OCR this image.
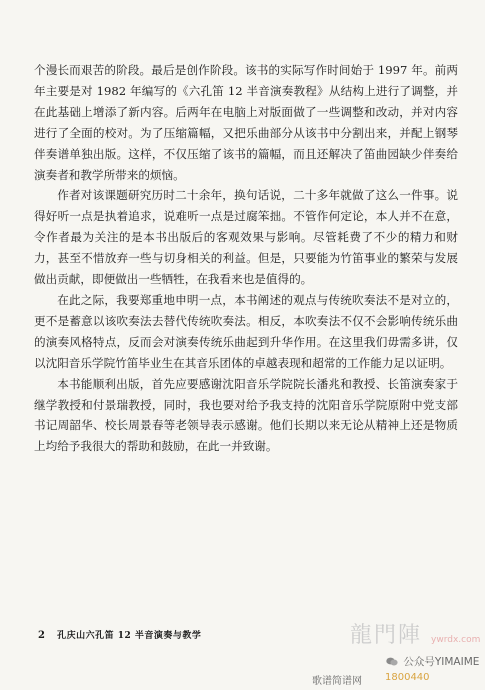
个漫长而艰苦的阶段。最后是创作阶段。该书的实际写作时间始于 1997 年。前两年主要是对 1982 年编写的《六孔笛 12 半音演奏教程》从结构上进行了调整，并在此基础上增添了新内容。后两年在电脑上对版面做了一些调整和改动，并对内容进行了全面的校对。为了压缩篇幅，又把乐曲部分从该书中分割出来，并配上钢琴伴奏谱单独出版。这样，不仅压缩了该书的篇幅，而且还解决了笛曲园缺少伴奏给演奏者和教学所带来的烦恼。

作者对该课题研究历时二十余年，换句话说，二十多年就做了这么一件事。说得好听一点是执着追求，说难听一点是过腐笨拙。不管作何定论，本人并不在意，令作者最为关注的是本书出版后的客观效果与影响。尽管耗费了不少的精力和财力，甚至不惜放弃一些与切身相关的利益。但是，只要能为竹笛事业的繁荣与发展做出贡献，即便做出一些牺牲，在我看来也是值得的。

在此之际，我要郑重地申明一点，本书阐述的观点与传统吹奏法不是对立的，更不是蓄意以该吹奏法去替代传统吹奏法。相反，本吹奏法不仅不会影响传统乐曲的演奏风格特点，反而会对演奏传统乐曲起到升华作用。在这里我们毋需多讲，仅以沈阳音乐学院竹笛毕业生在其音乐团体的卓越表现和超常的工作能力足以证明。

本书能顺利出版，首先应要感谢沈阳音乐学院院长潘兆和教授、长笛演奏家于继学教授和付景瑞教授，同时，我也要对给予我支持的沈阳音乐学院原附中党支部书记周韶华、校长周景春等老领导表示感谢。他们长期以来无论从精神上还是物质上均给予我很大的帮助和鼓励，在此一并致谢。

2 孔庆山六孔笛 12 半音演奏与教学	龍門陣 ywrdx.com
公众号YIMAIME
歌谱简谱网 1800440
